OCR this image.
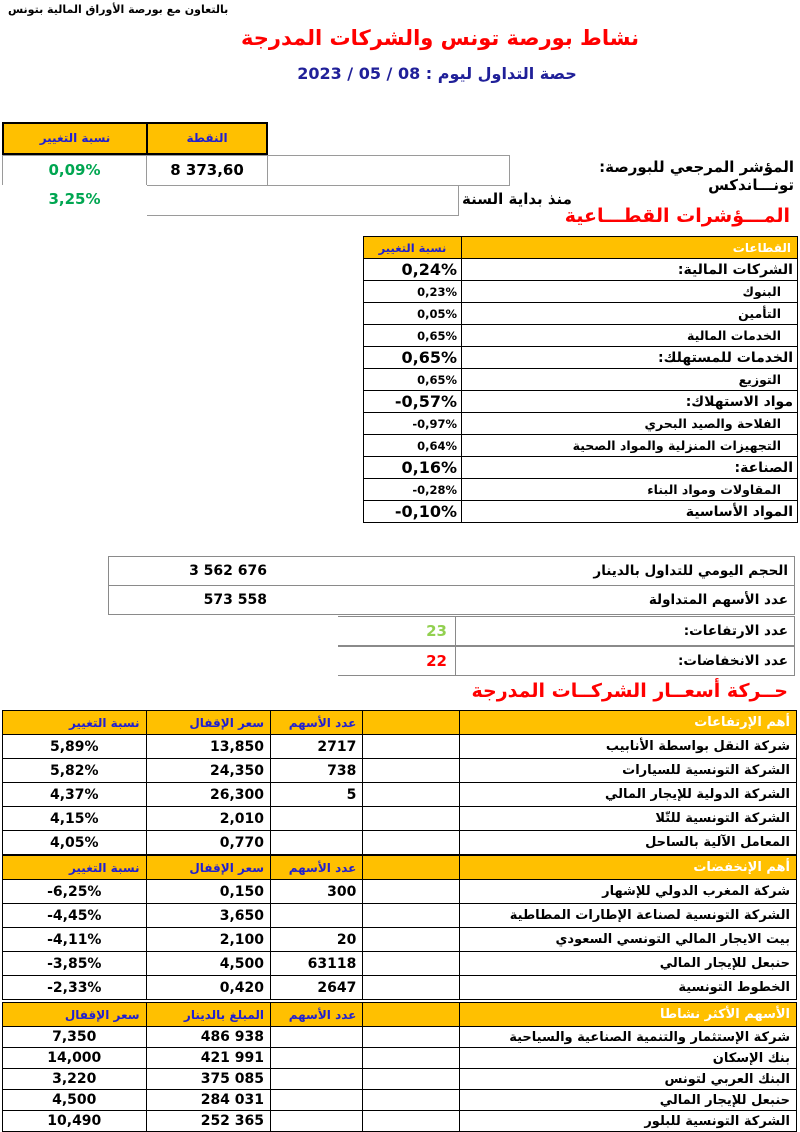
بالتعاون مع بورصة الأوراق المالية بتونس
نشاط بورصة تونس والشركات المدرجة
حصة التداول ليوم : 08 / 05 / 2023
نسبة التغيير	النقطة
0,09%	8 373,60
3,25%
المؤشر المرجعي للبورصة: تونـــاندكس
منذ بداية السنة
المـــؤشرات القطـــاعية
القطاعات	نسبة التغيير
الشركات المالية:	0,24%
البنوك	0,23%
التأمين	0,05%
الخدمات المالية	0,65%
الخدمات للمستهلك:	0,65%
التوزيع	0,65%
مواد الاستهلاك:	-0,57%
الفلاحة والصيد البحري	-0,97%
التجهيزات المنزلية والمواد الصحية	0,64%
الصناعة:	0,16%
المقاولات ومواد البناء	-0,28%
المواد الأساسية	-0,10%
الحجم اليومي للتداول بالدينار
3 562 676
عدد الأسهم المتداولة
573 558
23	عدد الارتفاعات:
22	عدد الانخفاضات:
حــركة أسعــار الشركــات المدرجة
أهم الإرتفاعات		عدد الأسهم	سعر الإقفال	نسبة التغيير
شركة النقل بواسطة الأنابيب		2717	13,850	5,89%
الشركة التونسية للسيارات		738	24,350	5,82%
الشركة الدولية للإيجار المالي		5	26,300	4,37%
الشركة التونسية للتّلا			2,010	4,15%
المعامل الآلية بالساحل			0,770	4,05%
أهم الإنخفضات		عدد الأسهم	سعر الإقفال	نسبة التغيير
شركة المغرب الدولي للإشهار		300	0,150	-6,25%
الشركة التونسية لصناعة الإطارات المطاطية			3,650	-4,45%
بيت الايجار المالي التونسي السعودي		20	2,100	-4,11%
حنبعل للإيجار المالي		63118	4,500	-3,85%
الخطوط التونسية		2647	0,420	-2,33%
الأسهم الأكثر نشاطا		عدد الأسهم	المبلغ بالدينار	سعر الإقفال
شركة الإستثمار والتنمية الصناعية والسياحية			486 938	7,350
بنك الإسكان			421 991	14,000
البنك العربي لتونس			375 085	3,220
حنبعل للإيجار المالي			284 031	4,500
الشركة التونسية للبلور			252 365	10,490
